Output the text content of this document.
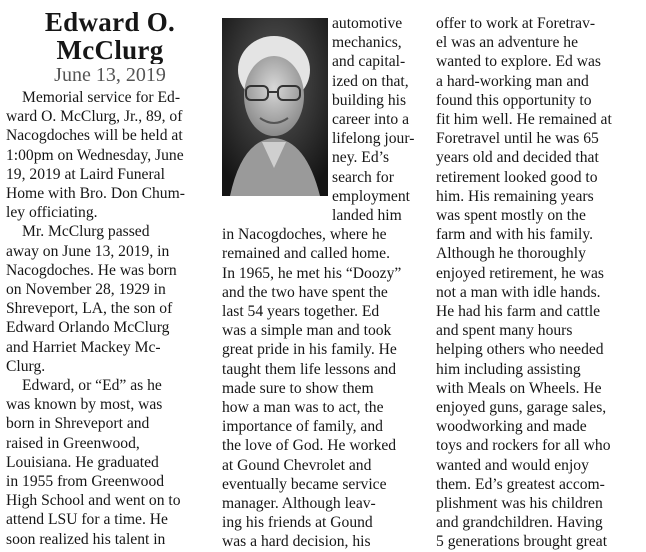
Edward O.
McClurg
June 13, 2019
Memorial service for Ed-
ward O. McClurg, Jr., 89, of
Nacogdoches will be held at
1:00pm on Wednesday, June
19, 2019 at Laird Funeral
Home with Bro. Don Chum-
ley officiating.
Mr. McClurg passed
away on June 13, 2019, in
Nacogdoches. He was born
on November 28, 1929 in
Shreveport, LA, the son of
Edward Orlando McClurg
and Harriet Mackey Mc-
Clurg.
Edward, or “Ed” as he
was known by most, was
born in Shreveport and
raised in Greenwood,
Louisiana. He graduated
in 1955 from Greenwood
High School and went on to
attend LSU for a time. He
soon realized his talent in
automotive
mechanics,
and capital-
ized on that,
building his
career into a
lifelong jour-
ney. Ed’s
search for
employment
landed him
in Nacogdoches, where he
remained and called home.
In 1965, he met his “Doozy”
and the two have spent the
last 54 years together. Ed
was a simple man and took
great pride in his family. He
taught them life lessons and
made sure to show them
how a man was to act, the
importance of family, and
the love of God. He worked
at Gound Chevrolet and
eventually became service
manager. Although leav-
ing his friends at Gound
was a hard decision, his
offer to work at Foretrav-
el was an adventure he
wanted to explore. Ed was
a hard-working man and
found this opportunity to
fit him well. He remained at
Foretravel until he was 65
years old and decided that
retirement looked good to
him. His remaining years
was spent mostly on the
farm and with his family.
Although he thoroughly
enjoyed retirement, he was
not a man with idle hands.
He had his farm and cattle
and spent many hours
helping others who needed
him including assisting
with Meals on Wheels. He
enjoyed guns, garage sales,
woodworking and made
toys and rockers for all who
wanted and would enjoy
them. Ed’s greatest accom-
plishment was his children
and grandchildren. Having
5 generations brought great
